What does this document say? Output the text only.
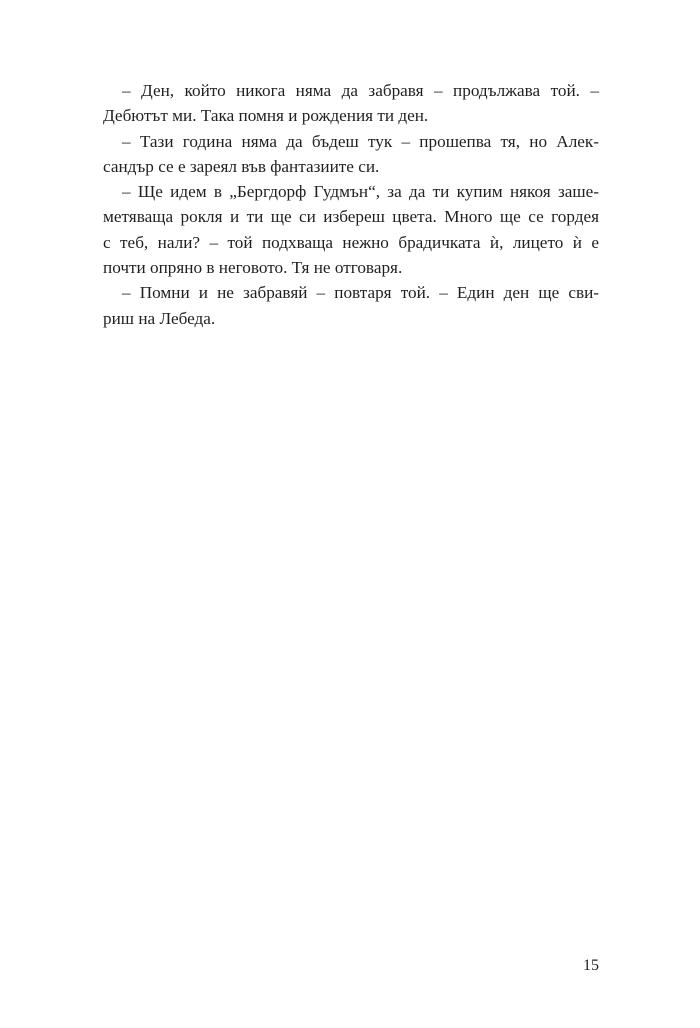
– Ден, който никога няма да забравя – продължава той. –
Дебютът ми. Така помня и рождения ти ден.
– Тази година няма да бъдеш тук – прошепва тя, но Алек-
сандър се е зареял във фантазиите си.
– Ще идем в „Бергдорф Гудмън“, за да ти купим някоя заше-
метяваща рокля и ти ще си избереш цвета. Много ще се гордея
с теб, нали? – той подхваща нежно брадичката ѝ, лицето ѝ е
почти опряно в неговото. Тя не отговаря.
– Помни и не забравяй – повтаря той. – Един ден ще сви-
риш на Лебеда.
15
